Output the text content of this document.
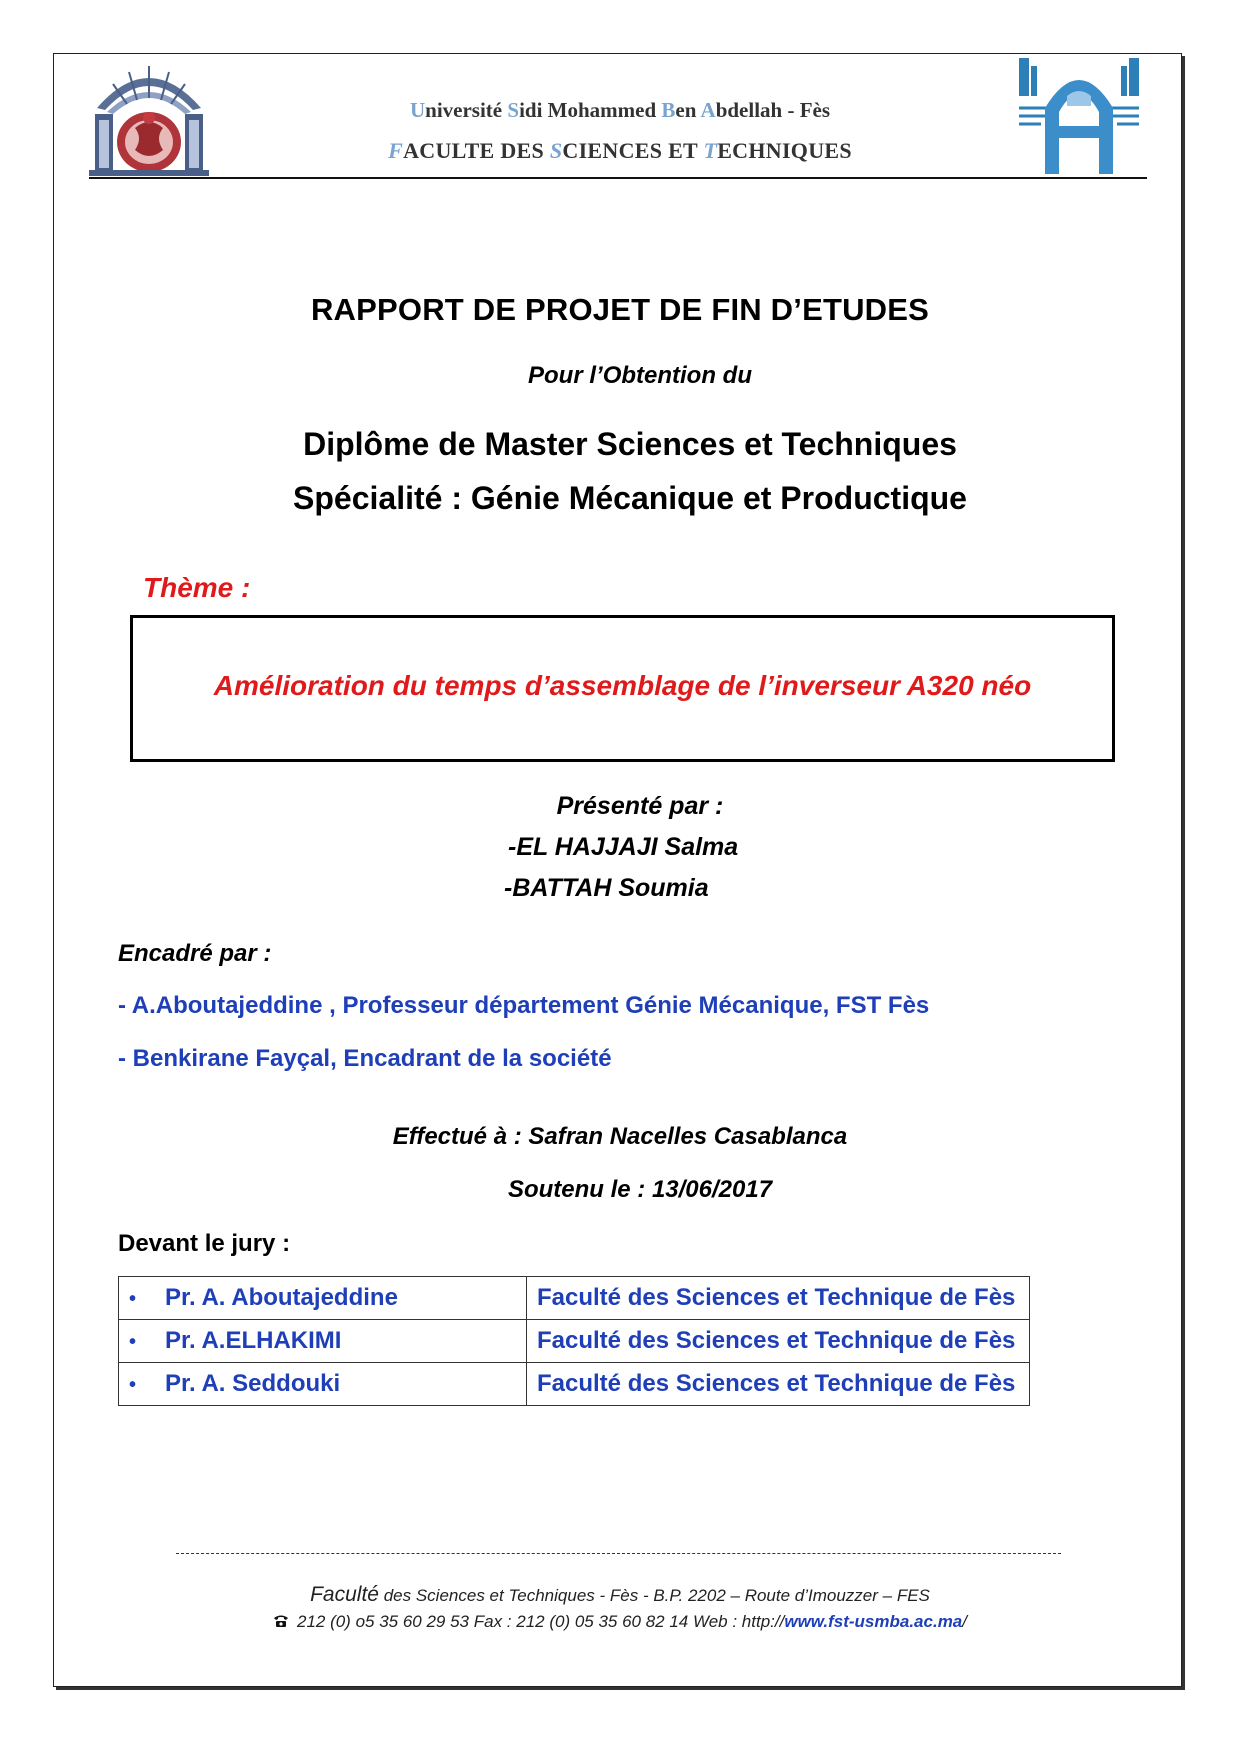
Université Sidi Mohammed Ben Abdellah - Fès
FACULTE DES SCIENCES ET TECHNIQUES
RAPPORT DE PROJET DE FIN D’ETUDES
Pour l’Obtention du
Diplôme de Master Sciences et Techniques
Spécialité : Génie Mécanique et Productique
Thème :
Amélioration du temps d’assemblage de l’inverseur A320 néo
Présenté par :
-EL HAJJAJI Salma
-BATTAH Soumia
Encadré par :
- A.Aboutajeddine , Professeur département Génie Mécanique, FST Fès
- Benkirane Fayçal, Encadrant de la société
Effectué à : Safran Nacelles Casablanca
Soutenu le : 13/06/2017
Devant le jury :
• Pr. A. Aboutajeddine	Faculté des Sciences et Technique de Fès
• Pr. A.ELHAKIMI	Faculté des Sciences et Technique de Fès
• Pr. A. Seddouki	Faculté des Sciences et Technique de Fès
Faculté des Sciences et Techniques - Fès - B.P. 2202 – Route d’Imouzzer – FES
212 (0) o5 35 60 29 53 Fax : 212 (0) 05 35 60 82 14 Web : http://www.fst-usmba.ac.ma/
